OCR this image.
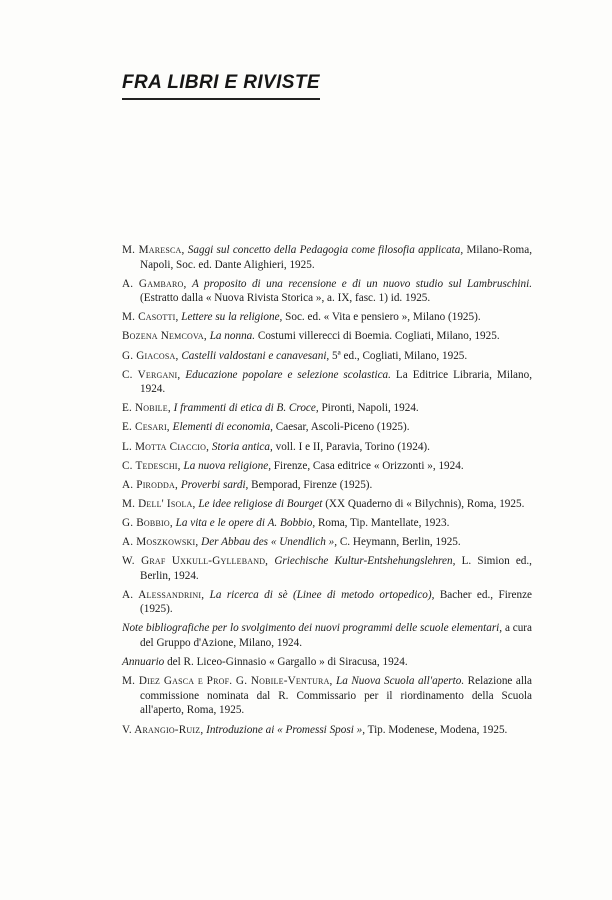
FRA LIBRI E RIVISTE

M. Maresca, Saggi sul concetto della Pedagogia come filosofia applicata, Milano-Roma, Napoli, Soc. ed. Dante Alighieri, 1925.

A. Gambaro, A proposito di una recensione e di un nuovo studio sul Lambruschini. (Estratto dalla « Nuova Rivista Storica », a. IX, fasc. 1) id. 1925.

M. Casotti, Lettere su la religione, Soc. ed. « Vita e pensiero », Milano (1925).

Bozena Nemcova, La nonna. Costumi villerecci di Boemia. Cogliati, Milano, 1925.

G. Giacosa, Castelli valdostani e canavesani, 5ª ed., Cogliati, Milano, 1925.

C. Vergani, Educazione popolare e selezione scolastica. La Editrice Libraria, Milano, 1924.

E. Nobile, I frammenti di etica di B. Croce, Pironti, Napoli, 1924.

E. Cesari, Elementi di economia, Caesar, Ascoli-Piceno (1925).

L. Motta Ciaccio, Storia antica, voll. I e II, Paravia, Torino (1924).

C. Tedeschi, La nuova religione, Firenze, Casa editrice « Orizzonti », 1924.

A. Pirodda, Proverbi sardi, Bemporad, Firenze (1925).

M. Dell' Isola, Le idee religiose di Bourget (XX Quaderno di « Bilychnis), Roma, 1925.

G. Bobbio, La vita e le opere di A. Bobbio, Roma, Tip. Mantellate, 1923.

A. Moszkowski, Der Abbau des « Unendlich », C. Heymann, Berlin, 1925.

W. Graf Uxkull-Gylleband, Griechische Kultur-Entshehungslehren, L. Simion ed., Berlin, 1924.

A. Alessandrini, La ricerca di sè (Linee di metodo ortopedico), Bacher ed., Firenze (1925).

Note bibliografiche per lo svolgimento dei nuovi programmi delle scuole elementari, a cura del Gruppo d'Azione, Milano, 1924.

Annuario del R. Liceo-Ginnasio « Gargallo » di Siracusa, 1924.

M. Diez Gasca e Prof. G. Nobile-Ventura, La Nuova Scuola all'aperto. Relazione alla commissione nominata dal R. Commissario per il riordinamento della Scuola all'aperto, Roma, 1925.

V. Arangio-Ruiz, Introduzione ai « Promessi Sposi », Tip. Modenese, Modena, 1925.
